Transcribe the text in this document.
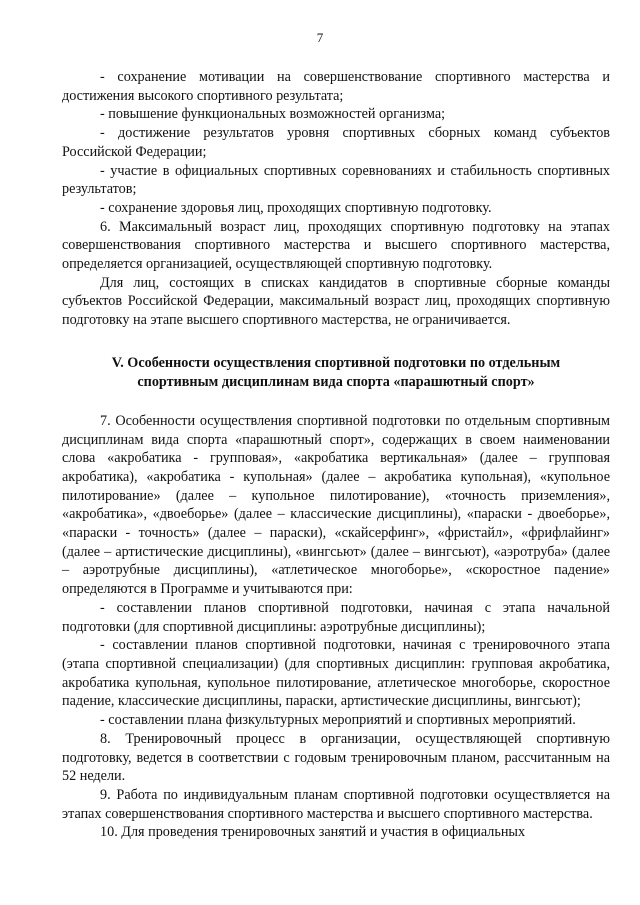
7

- сохранение мотивации на совершенствование спортивного мастерства и достижения высокого спортивного результата;

- повышение функциональных возможностей организма;

- достижение результатов уровня спортивных сборных команд субъектов Российской Федерации;

- участие в официальных спортивных соревнованиях и стабильность спортивных результатов;

- сохранение здоровья лиц, проходящих спортивную подготовку.

6. Максимальный возраст лиц, проходящих спортивную подготовку на этапах совершенствования спортивного мастерства и высшего спортивного мастерства, определяется организацией, осуществляющей спортивную подготовку.

Для лиц, состоящих в списках кандидатов в спортивные сборные команды субъектов Российской Федерации, максимальный возраст лиц, проходящих спортивную подготовку на этапе высшего спортивного мастерства, не ограничивается.

V. Особенности осуществления спортивной подготовки по отдельным
спортивным дисциплинам вида спорта «парашютный спорт»

7. Особенности осуществления спортивной подготовки по отдельным спортивным дисциплинам вида спорта «парашютный спорт», содержащих в своем наименовании слова «акробатика - групповая», «акробатика вертикальная» (далее – групповая акробатика), «акробатика - купольная» (далее – акробатика купольная), «купольное пилотирование» (далее – купольное пилотирование), «точность приземления», «акробатика», «двоеборье» (далее – классические дисциплины), «параски - двоеборье», «параски - точность» (далее – параски), «скайсерфинг», «фристайл», «фрифлайинг» (далее – артистические дисциплины), «вингсьют» (далее – вингсьют), «аэротруба» (далее – аэротрубные дисциплины), «атлетическое многоборье», «скоростное падение» определяются в Программе и учитываются при:

- составлении планов спортивной подготовки, начиная с этапа начальной подготовки (для спортивной дисциплины: аэротрубные дисциплины);

- составлении планов спортивной подготовки, начиная с тренировочного этапа (этапа спортивной специализации) (для спортивных дисциплин: групповая акробатика, акробатика купольная, купольное пилотирование, атлетическое многоборье, скоростное падение, классические дисциплины, параски, артистические дисциплины, вингсьют);

- составлении плана физкультурных мероприятий и спортивных мероприятий.

8. Тренировочный процесс в организации, осуществляющей спортивную подготовку, ведется в соответствии с годовым тренировочным планом, рассчитанным на 52 недели.

9. Работа по индивидуальным планам спортивной подготовки осуществляется на этапах совершенствования спортивного мастерства и высшего спортивного мастерства.

10. Для проведения тренировочных занятий и участия в официальных
